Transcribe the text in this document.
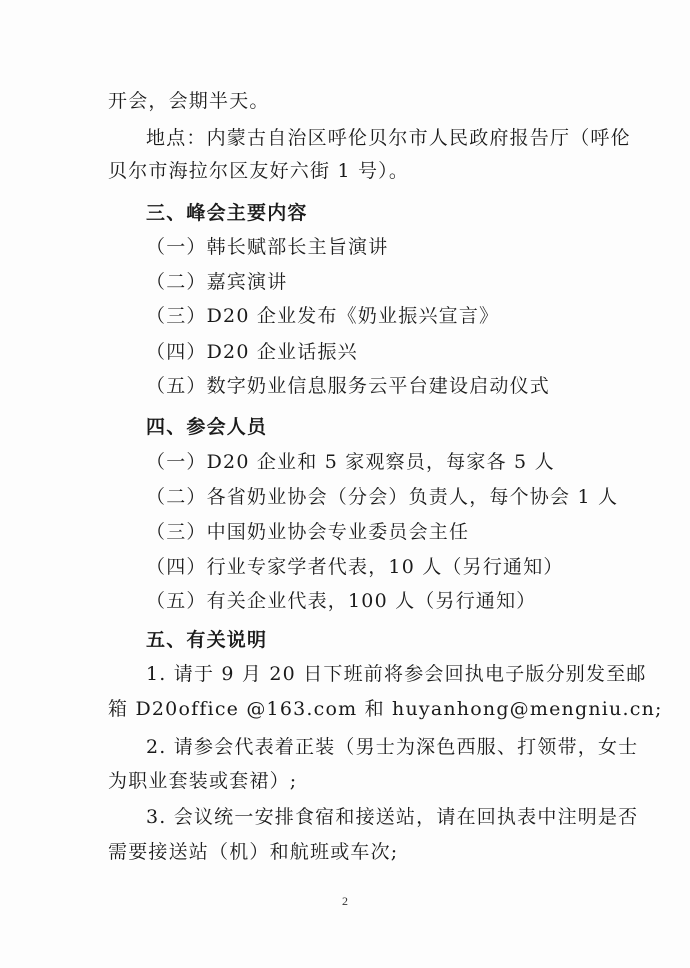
开会，会期半天。
地点：内蒙古自治区呼伦贝尔市人民政府报告厅（呼伦
贝尔市海拉尔区友好六街 1 号）。
三、峰会主要内容
（一）韩长赋部长主旨演讲
（二）嘉宾演讲
（三）D20 企业发布《奶业振兴宣言》
（四）D20 企业话振兴
（五）数字奶业信息服务云平台建设启动仪式
四、参会人员
（一）D20 企业和 5 家观察员，每家各 5 人
（二）各省奶业协会（分会）负责人，每个协会 1 人
（三）中国奶业协会专业委员会主任
（四）行业专家学者代表，10 人（另行通知）
（五）有关企业代表，100 人（另行通知）
五、有关说明
1. 请于 9 月 20 日下班前将参会回执电子版分别发至邮
箱 D20office @163.com 和 huyanhong@mengniu.cn;
2. 请参会代表着正装（男士为深色西服、打领带，女士
为职业套装或套裙）;
3. 会议统一安排食宿和接送站，请在回执表中注明是否
需要接送站（机）和航班或车次;
2
